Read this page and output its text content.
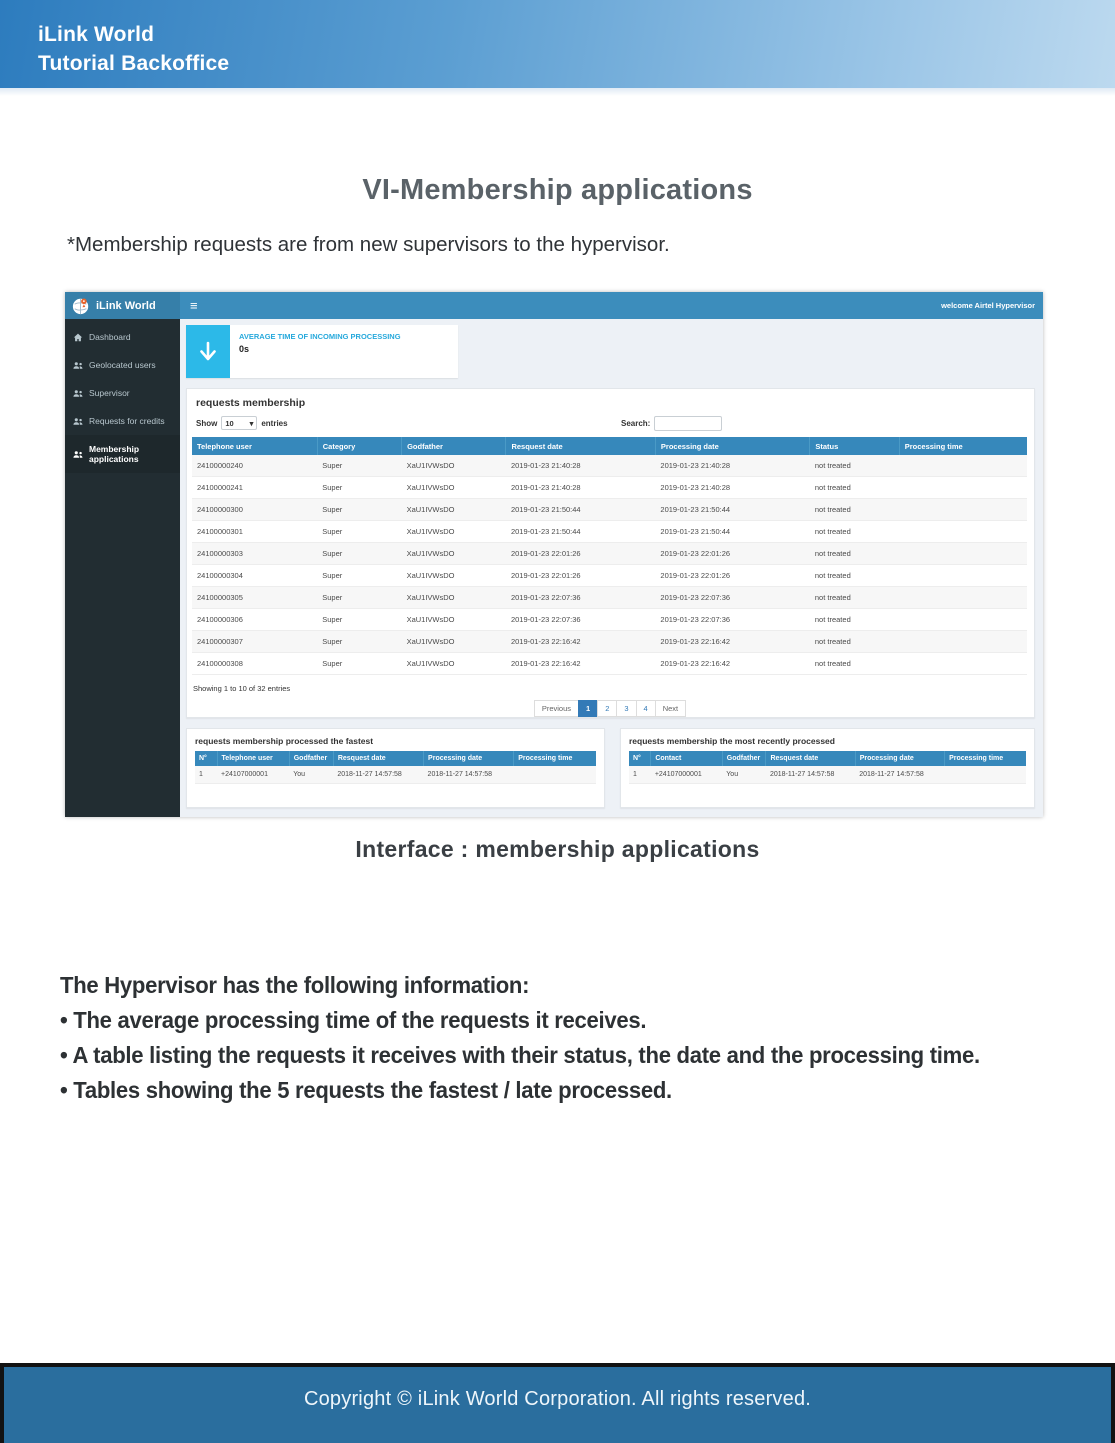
iLink World
Tutorial Backoffice
VI-Membership applications
*Membership requests are from new supervisors to the hypervisor.
iLink World	≡	welcome Airtel Hypervisor
Dashboard
Geolocated users
Supervisor
Requests for credits
Membership applications
AVERAGE TIME OF INCOMING PROCESSING
0s
requests membership
Show 10 ▾ entries	Search:
Telephone user	Category	Godfather	Resquest date	Processing date	Status	Processing time
24100000240	Super	XaU1IVWsDO	2019-01-23 21:40:28	2019-01-23 21:40:28	not treated	
24100000241	Super	XaU1IVWsDO	2019-01-23 21:40:28	2019-01-23 21:40:28	not treated	
24100000300	Super	XaU1IVWsDO	2019-01-23 21:50:44	2019-01-23 21:50:44	not treated	
24100000301	Super	XaU1IVWsDO	2019-01-23 21:50:44	2019-01-23 21:50:44	not treated	
24100000303	Super	XaU1IVWsDO	2019-01-23 22:01:26	2019-01-23 22:01:26	not treated	
24100000304	Super	XaU1IVWsDO	2019-01-23 22:01:26	2019-01-23 22:01:26	not treated	
24100000305	Super	XaU1IVWsDO	2019-01-23 22:07:36	2019-01-23 22:07:36	not treated	
24100000306	Super	XaU1IVWsDO	2019-01-23 22:07:36	2019-01-23 22:07:36	not treated	
24100000307	Super	XaU1IVWsDO	2019-01-23 22:16:42	2019-01-23 22:16:42	not treated	
24100000308	Super	XaU1IVWsDO	2019-01-23 22:16:42	2019-01-23 22:16:42	not treated	
Showing 1 to 10 of 32 entries
Previous 1 2 3 4 Next
requests membership processed the fastest
N°	Telephone user	Godfather	Resquest date	Processing date	Processing time
1	+24107000001	You	2018-11-27 14:57:58	2018-11-27 14:57:58	
requests membership the most recently processed
N°	Contact	Godfather	Resquest date	Processing date	Processing time
1	+24107000001	You	2018-11-27 14:57:58	2018-11-27 14:57:58	
Interface : membership applications
The Hypervisor has the following information:
• The average processing time of the requests it receives.
• A table listing the requests it receives with their status, the date and the processing time.
• Tables showing the 5 requests the fastest / late processed.
Copyright © iLink World Corporation. All rights reserved.
